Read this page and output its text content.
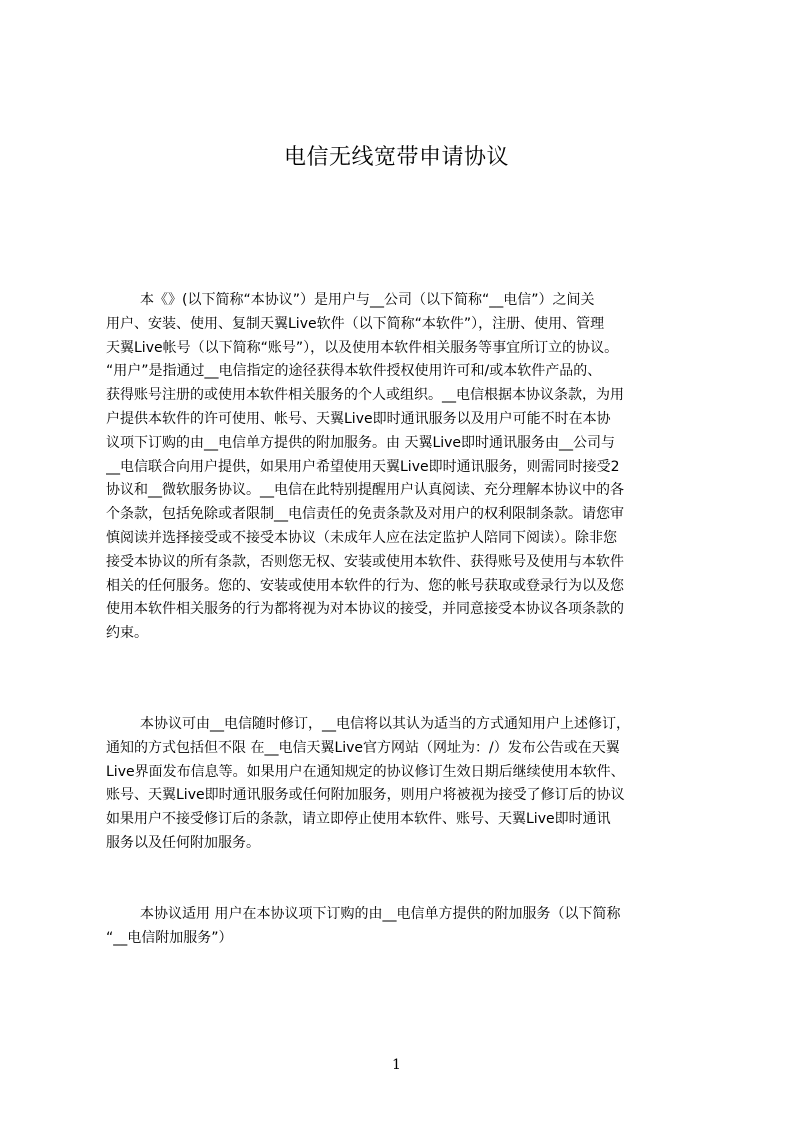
电信无线宽带申请协议
本《》(以下简称“本协议”）是用户与__公司（以下简称“__电信”）之间关
用户、安装、使用、复制天翼Live软件（以下简称“本软件”），注册、使用、管理
天翼Live帐号（以下简称“账号”），以及使用本软件相关服务等事宜所订立的协议。
“用户”是指通过__电信指定的途径获得本软件授权使用许可和/或本软件产品的、
获得账号注册的或使用本软件相关服务的个人或组织。__电信根据本协议条款，为用
户提供本软件的许可使用、帐号、天翼Live即时通讯服务以及用户可能不时在本协
议项下订购的由__电信单方提供的附加服务。由 天翼Live即时通讯服务由__公司与
__电信联合向用户提供，如果用户希望使用天翼Live即时通讯服务，则需同时接受2
协议和__微软服务协议。__电信在此特别提醒用户认真阅读、充分理解本协议中的各
个条款，包括免除或者限制__电信责任的免责条款及对用户的权利限制条款。请您审
慎阅读并选择接受或不接受本协议（未成年人应在法定监护人陪同下阅读）。除非您
接受本协议的所有条款，否则您无权、安装或使用本软件、获得账号及使用与本软件
相关的任何服务。您的、安装或使用本软件的行为、您的帐号获取或登录行为以及您
使用本软件相关服务的行为都将视为对本协议的接受，并同意接受本协议各项条款的
约束。
本协议可由__电信随时修订，__电信将以其认为适当的方式通知用户上述修订，
通知的方式包括但不限 在__电信天翼Live官方网站（网址为：/）发布公告或在天翼
Live界面发布信息等。如果用户在通知规定的协议修订生效日期后继续使用本软件、
账号、天翼Live即时通讯服务或任何附加服务，则用户将被视为接受了修订后的协议
如果用户不接受修订后的条款，请立即停止使用本软件、账号、天翼Live即时通讯
服务以及任何附加服务。
本协议适用 用户在本协议项下订购的由__电信单方提供的附加服务（以下简称
“__电信附加服务”）
1
